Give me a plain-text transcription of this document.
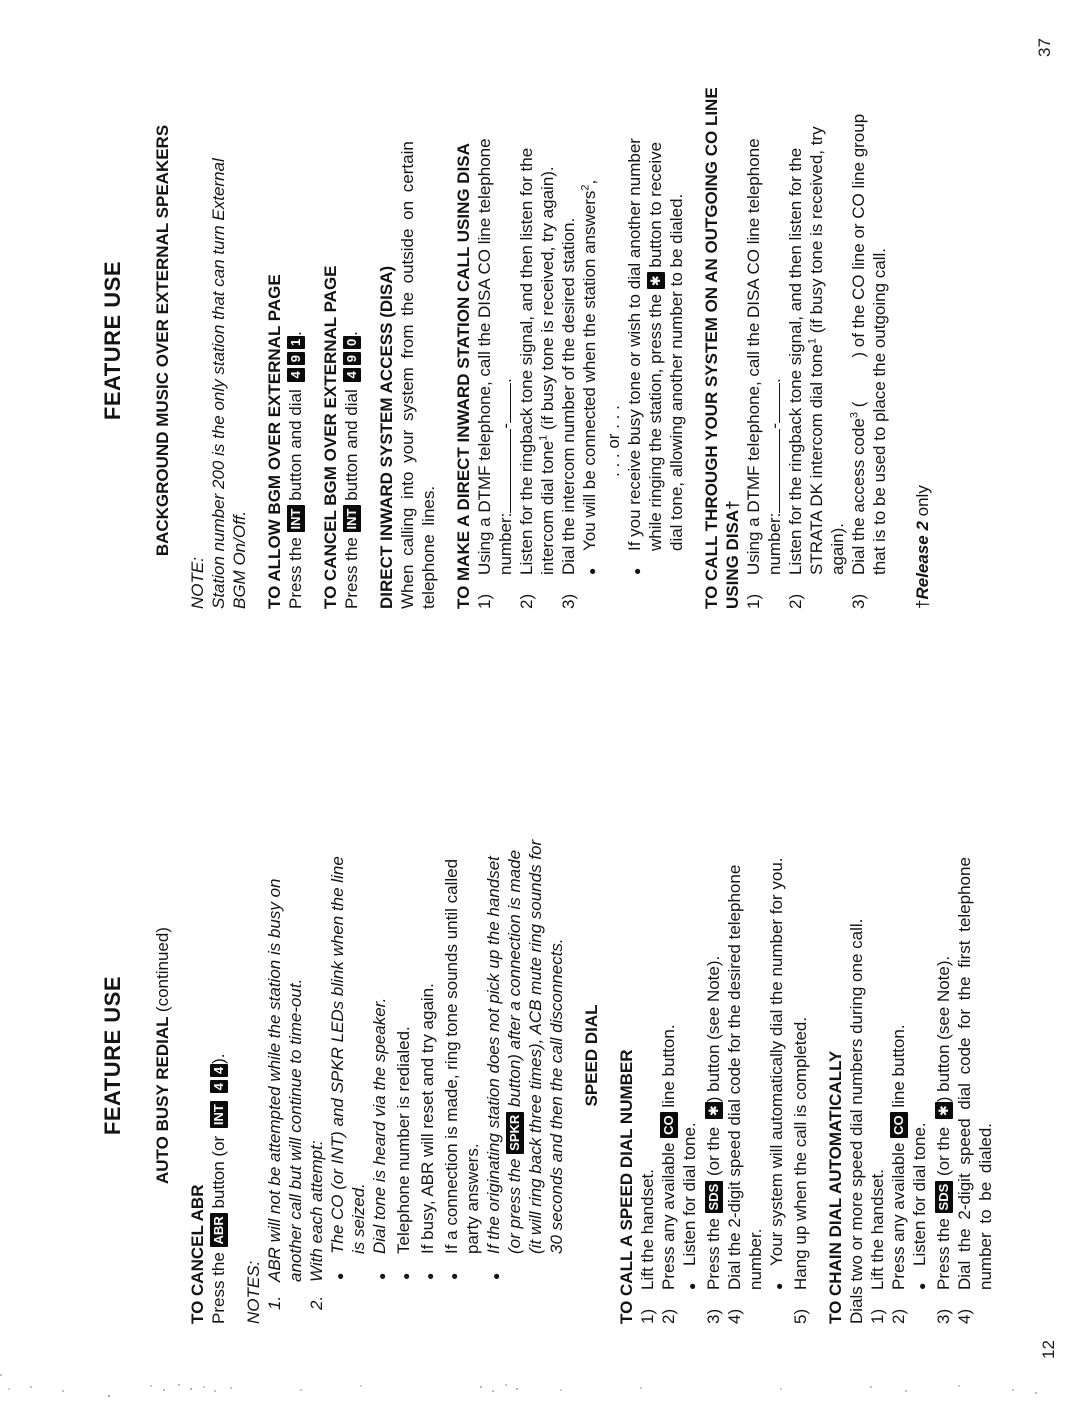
FEATURE USE AUTO BUSY REDIAL (continued)
TO CANCEL ABR Press the ABR button (or INT 44).
NOTES: 1.
ABR will not be attempted while the station is busy on another call but will continue to time-out.
2.
With each attempt: ●
The CO (or INT) and SPKR LEDs blink when the line is seized.
●
Dial tone is heard via the speaker.
●
Telephone number is redialed.
●
If busy, ABR will reset and try again.
●
If a connection is made, ring tone sounds until called party answers.
●
If the originating station does not pick up the handset (or press the SPKR button) after a connection is made (it will ring back three times), ACB mute ring sounds for 30 seconds and then the call disconnects. SPEED DIAL TO CALL A SPEED DIAL NUMBER 1)
Lift the handset.
2)
Press any available CO line button.
●
Listen for dial tone.
3)
Press the SDS (or the ✱) button (see Note).
4)
Dial the 2-digit speed dial code for the desired telephone number. ●
Your system will automatically dial the number for you.
5)
Hang up when the call is completed. TO CHAIN DIAL AUTOMATICALLY Dials two or more speed dial numbers during one call. 1)
Lift the handset.
2)
Press any available CO line button.
●
Listen for dial tone.
3)
Press the SDS (or the ✱) button (see Note).
4)
Dial the 2-digit speed dial code for the first telephone number to be dialed.
FEATURE USE BACKGROUND MUSIC OVER EXTERNAL SPEAKERS
NOTE: Station number 200 is the only station that can turn External BGM On/Off. TO ALLOW BGM OVER EXTERNAL PAGE Press the INT button and dial 491. TO CANCEL BGM OVER EXTERNAL PAGE Press the INT button and dial 490. DIRECT INWARD SYSTEM ACCESS (DISA) When calling into your system from the outside on certain telephone lines. TO MAKE A DIRECT INWARD STATION CALL USING DISA 1)
Using a DTMF telephone, call the DISA CO line telephone number:-.
2)
Listen for the ringback tone signal, and then listen for the intercom dial tone$^1$ (if busy tone is received, try again).
3)
Dial the intercom number of the desired station. ●
You will be connected when the station answers$^2$,
. . . or . . .
●
If you receive busy tone or wish to dial another number while ringing the station, press the ✱ button to receive dial tone, allowing another number to be dialed. TO CALL THROUGH YOUR SYSTEM ON AN OUTGOING CO LINE USING DISA† 1)
Using a DTMF telephone, call the DISA CO line telephone number:-.
2)
Listen for the ringback tone signal, and then listen for the STRATA DK intercom dial tone$^1$ (if busy tone is received, try
again).
3)
Dial the access code$^3$ () of the CO line or CO line group
that is to be used to place the outgoing call.
†Release 2 only
12
37
